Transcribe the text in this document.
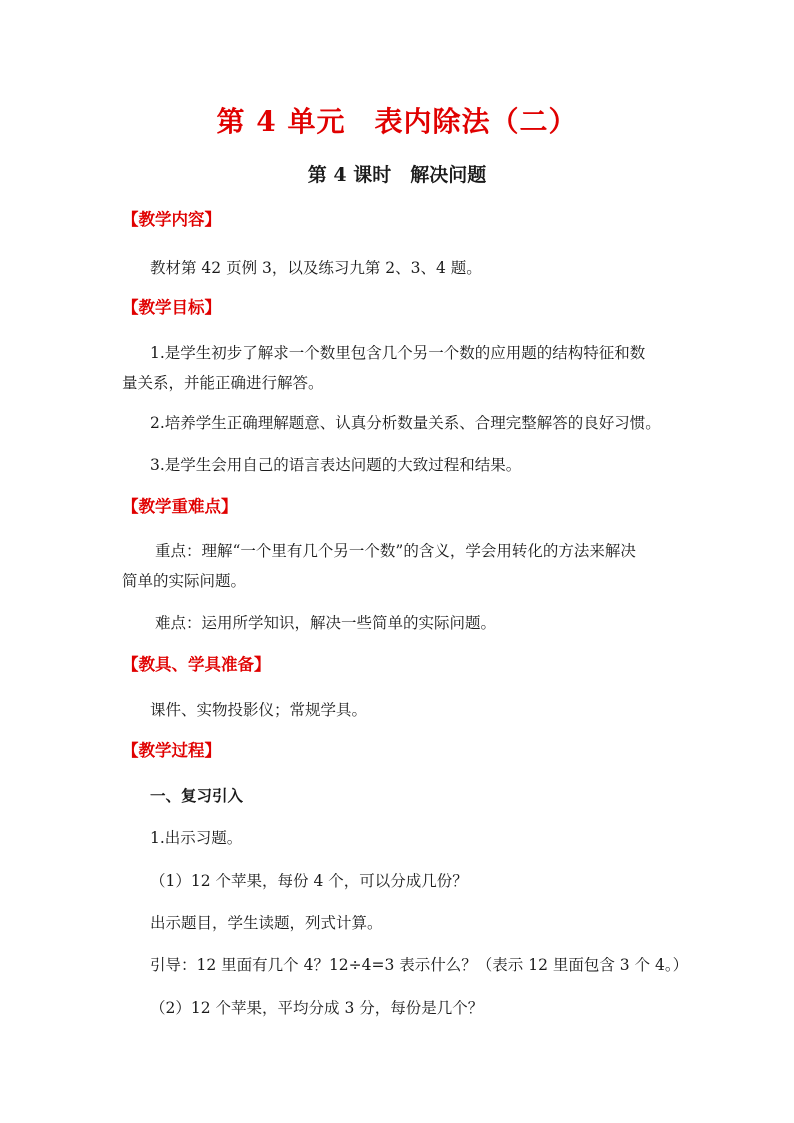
第 4 单元　表内除法（二）
第 4 课时　解决问题
【教学内容】
教材第 42 页例 3，以及练习九第 2、3、4 题。
【教学目标】
1.是学生初步了解求一个数里包含几个另一个数的应用题的结构特征和数
量关系，并能正确进行解答。
2.培养学生正确理解题意、认真分析数量关系、合理完整解答的良好习惯。
3.是学生会用自己的语言表达问题的大致过程和结果。
【教学重难点】
重点：理解“一个里有几个另一个数”的含义，学会用转化的方法来解决
简单的实际问题。
难点：运用所学知识，解决一些简单的实际问题。
【教具、学具准备】
课件、实物投影仪；常规学具。
【教学过程】
一、复习引入
1.出示习题。
（1）12 个苹果，每份 4 个，可以分成几份？
出示题目，学生读题，列式计算。
引导：12 里面有几个 4？12÷4=3 表示什么？（表示 12 里面包含 3 个 4。）
（2）12 个苹果，平均分成 3 分，每份是几个？
